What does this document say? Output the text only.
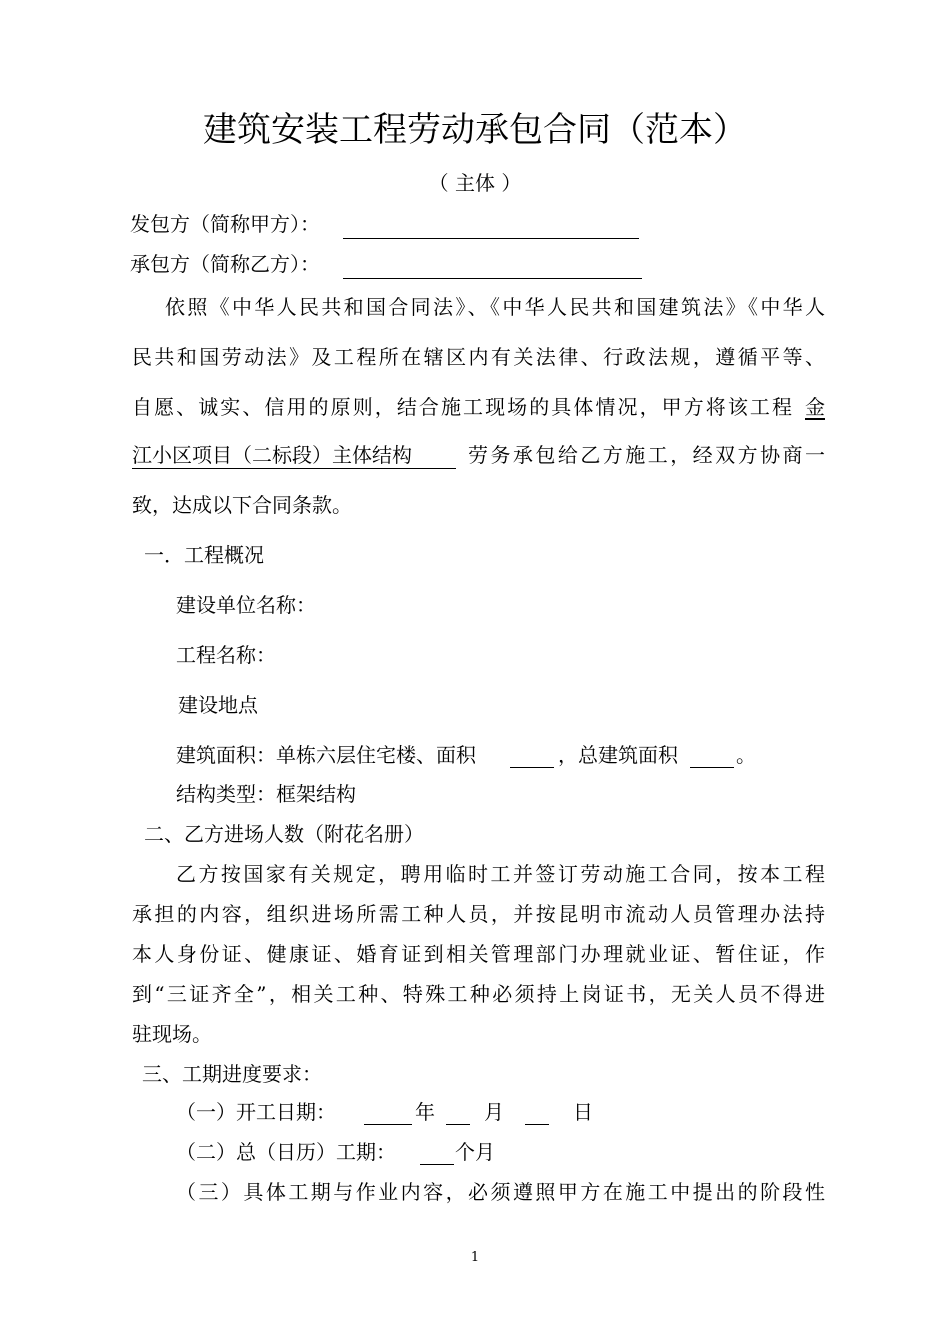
建筑安装工程劳动承包合同（范本）
（ 主体 ）
发包方（简称甲方）：
承包方（简称乙方）：
依照《中华人民共和国合同法》、《中华人民共和国建筑法》《中华人
民共和国劳动法》及工程所在辖区内有关法律、行政法规，遵循平等、
自愿、诚实、信用的原则，结合施工现场的具体情况，甲方将该工程 金
江小区项目（二标段）主体结构	劳务承包给乙方施工，经双方协商一
致，达成以下合同条款。
一．工程概况
建设单位名称：
工程名称：
建设地点
建筑面积：单栋六层住宅楼、面积	，总建筑面积	。
结构类型：框架结构
二、乙方进场人数（附花名册）
乙方按国家有关规定，聘用临时工并签订劳动施工合同，按本工程
承担的内容，组织进场所需工种人员，并按昆明市流动人员管理办法持
本人身份证、健康证、婚育证到相关管理部门办理就业证、暂住证，作
到“三证齐全”，相关工种、特殊工种必须持上岗证书，无关人员不得进
驻现场。
三、工期进度要求：
（一）开工日期：	年 月	日
（二）总（日历）工期：	个月
（三）具体工期与作业内容，必须遵照甲方在施工中提出的阶段性
1
